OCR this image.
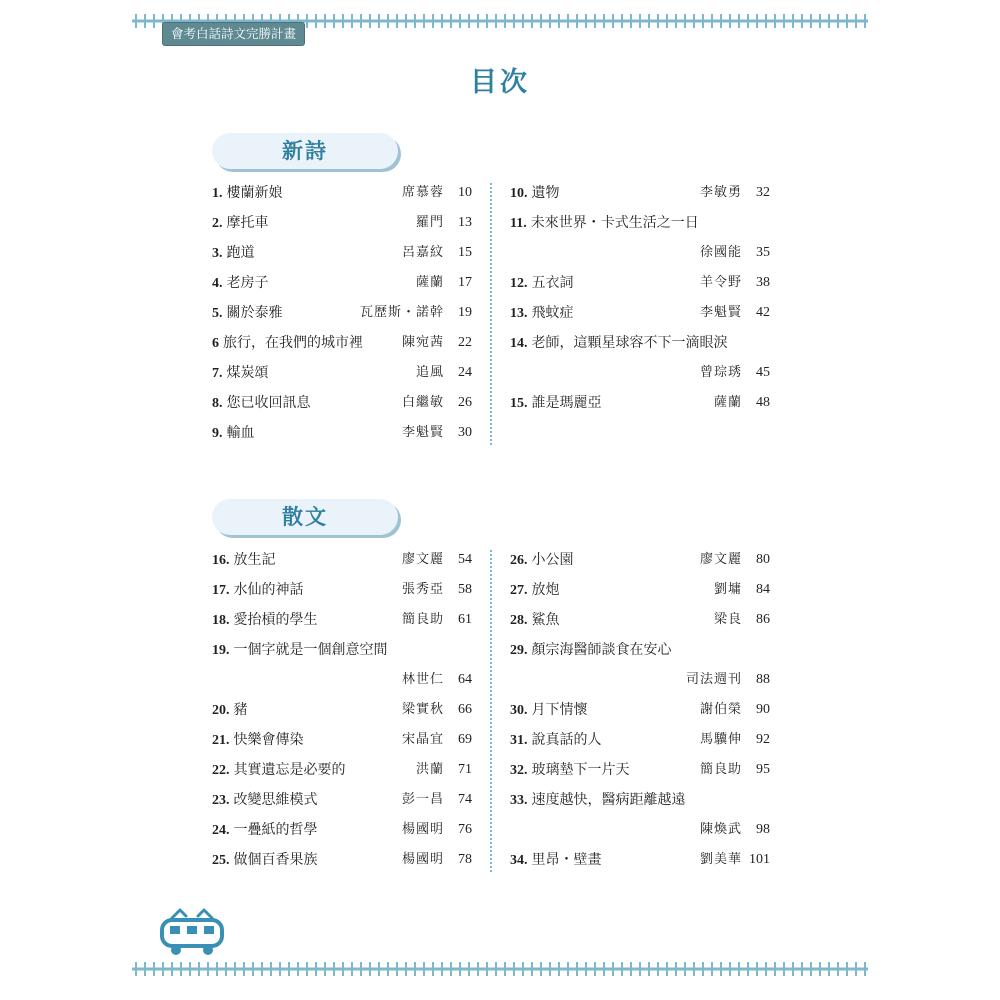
會考白話詩文完勝計畫
目次
新詩
1. 樓蘭新娘	席慕蓉	10
2. 摩托車	羅門	13
3. 跑道	呂嘉紋	15
4. 老房子	薩蘭	17
5. 關於泰雅	瓦歷斯・諾幹	19
6 旅行，在我們的城市裡	陳宛茜	22
7. 煤炭頌	追風	24
8. 您已收回訊息	白繼敏	26
9. 輸血	李魁賢	30
10. 遺物	李敏勇	32
11. 未來世界・卡式生活之一日
徐國能	35
12. 五衣詞	羊令野	38
13. 飛蚊症	李魁賢	42
14. 老師，這顆星球容不下一滴眼淚
曾琮琇	45
15. 誰是瑪麗亞	薩蘭	48
散文
16. 放生記	廖文麗	54
17. 水仙的神話	張秀亞	58
18. 愛抬槓的學生	簡良助	61
19. 一個字就是一個創意空間
林世仁	64
20. 豬	梁實秋	66
21. 快樂會傳染	宋晶宜	69
22. 其實遺忘是必要的	洪蘭	71
23. 改變思維模式	彭一昌	74
24. 一疊紙的哲學	楊國明	76
25. 做個百香果族	楊國明	78
26. 小公園	廖文麗	80
27. 放炮	劉墉	84
28. 鯊魚	梁良	86
29. 顏宗海醫師談食在安心
司法週刊	88
30. 月下情懷	謝伯榮	90
31. 說真話的人	馬驥伸	92
32. 玻璃墊下一片天	簡良助	95
33. 速度越快，醫病距離越遠
陳煥武	98
34. 里昂・壁畫	劉美華 101
